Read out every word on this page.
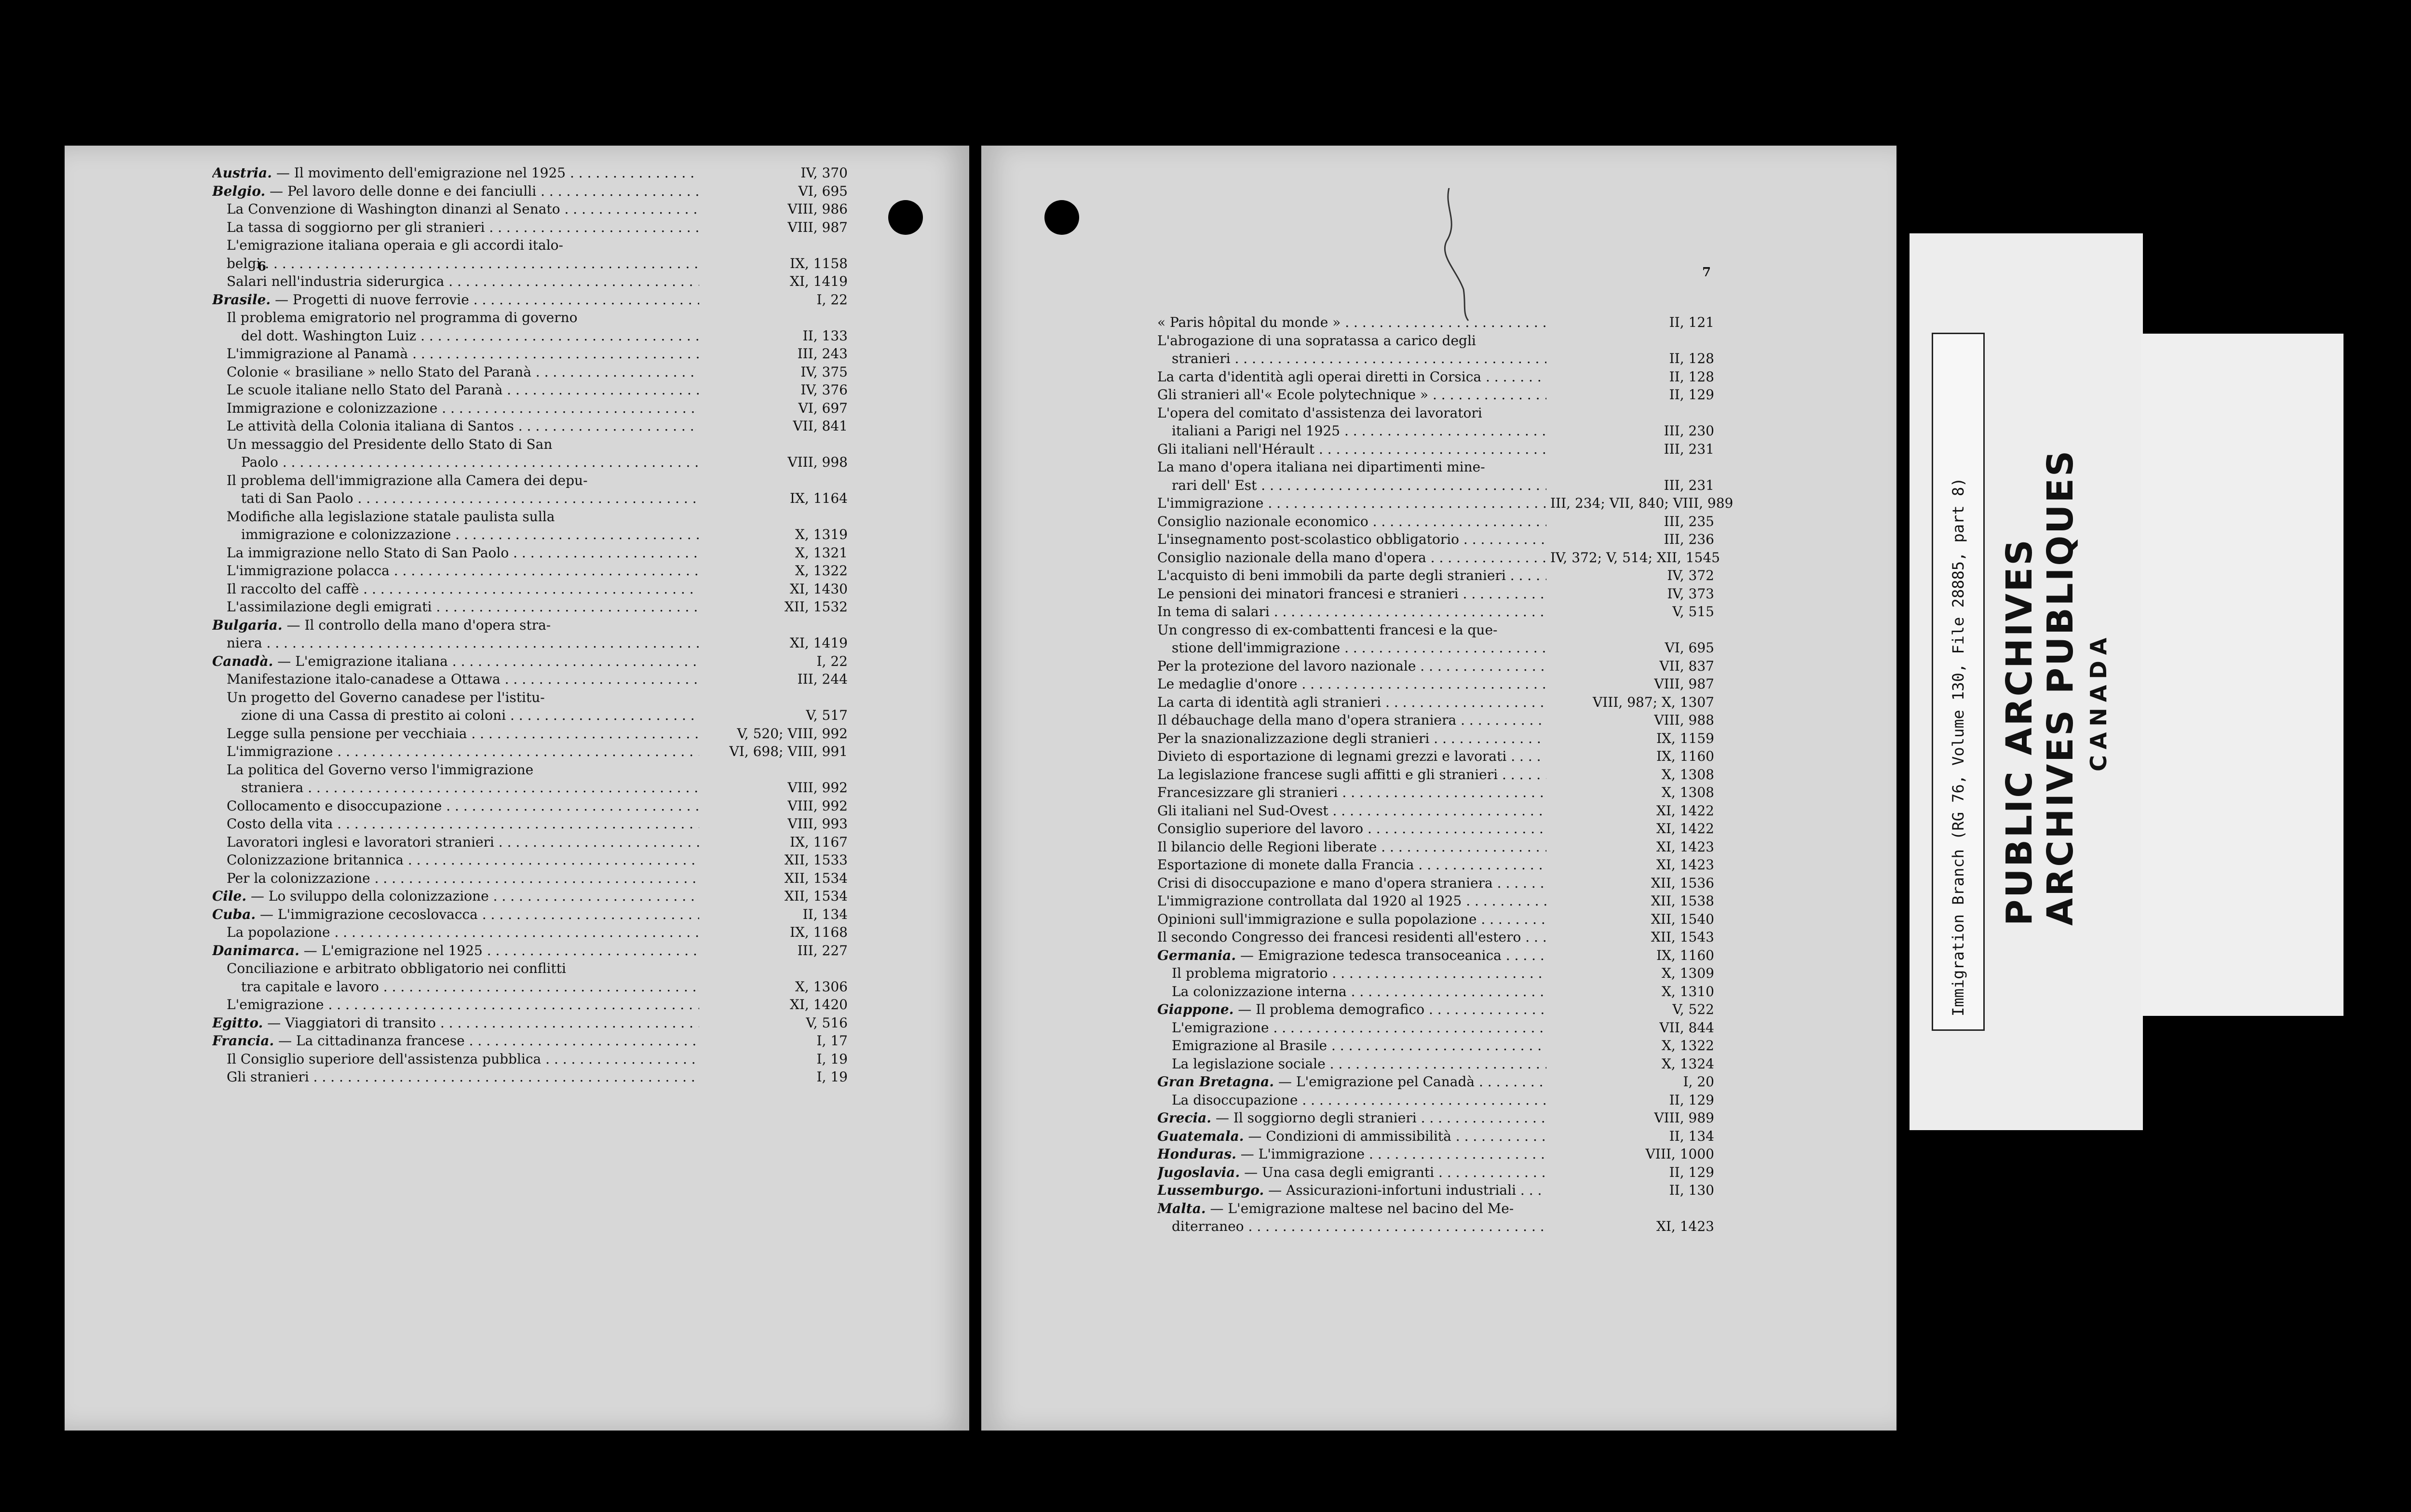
6	7
Austria. — Il movimento dell'emigrazione nel 1925 . . .	IV, 370
Belgio. — Pel lavoro delle donne e dei fanciulli . . .	VI, 695
La Convenzione di Washington dinanzi al Senato . . .	VIII, 986
La tassa di soggiorno per gli stranieri . . .	VIII, 987
L'emigrazione italiana operaia e gli accordi italo-
belgi . . .	IX, 1158
Salari nell'industria siderurgica . . .	XI, 1419
Brasile. — Progetti di nuove ferrovie . . .	I, 22
Il problema emigratorio nel programma di governo
del dott. Washington Luiz . . .	II, 133
L'immigrazione al Panamà . . .	III, 243
Colonie « brasiliane » nello Stato del Paranà . . .	IV, 375
Le scuole italiane nello Stato del Paranà . . .	IV, 376
Immigrazione e colonizzazione . . .	VI, 697
Le attività della Colonia italiana di Santos . . .	VII, 841
Un messaggio del Presidente dello Stato di San
Paolo . . .	VIII, 998
Il problema dell'immigrazione alla Camera dei depu-
tati di San Paolo . . .	IX, 1164
Modifiche alla legislazione statale paulista sulla
immigrazione e colonizzazione . . .	X, 1319
La immigrazione nello Stato di San Paolo . . .	X, 1321
L'immigrazione polacca . . .	X, 1322
Il raccolto del caffè . . .	XI, 1430
L'assimilazione degli emigrati . . .	XII, 1532
Bulgaria. — Il controllo della mano d'opera stra-
niera . . .	XI, 1419
Canadà. — L'emigrazione italiana . . .	I, 22
Manifestazione italo-canadese a Ottawa . . .	III, 244
Un progetto del Governo canadese per l'istitu-
zione di una Cassa di prestito ai coloni . . .	V, 517
Legge sulla pensione per vecchiaia . . .	V, 520; VIII, 992
L'immigrazione . . .	VI, 698; VIII, 991
La politica del Governo verso l'immigrazione
straniera . . .	VIII, 992
Collocamento e disoccupazione . . .	VIII, 992
Costo della vita . . .	VIII, 993
Lavoratori inglesi e lavoratori stranieri . . .	IX, 1167
Colonizzazione britannica . . .	XII, 1533
Per la colonizzazione . . .	XII, 1534
Cile. — Lo sviluppo della colonizzazione . . .	XII, 1534
Cuba. — L'immigrazione cecoslovacca . . .	II, 134
La popolazione . . .	IX, 1168
Danimarca. — L'emigrazione nel 1925 . . .	III, 227
Conciliazione e arbitrato obbligatorio nei conflitti
tra capitale e lavoro . . .	X, 1306
L'emigrazione . . .	XI, 1420
Egitto. — Viaggiatori di transito . . .	V, 516
Francia. — La cittadinanza francese . . .	I, 17
Il Consiglio superiore dell'assistenza pubblica . . .	I, 19
Gli stranieri . . .	I, 19
« Paris hôpital du monde » . . .	II, 121
L'abrogazione di una sopratassa a carico degli
stranieri . . .	II, 128
La carta d'identità agli operai diretti in Corsica . . .	II, 128
Gli stranieri all'« Ecole polytechnique » . . .	II, 129
L'opera del comitato d'assistenza dei lavoratori
italiani a Parigi nel 1925 . . .	III, 230
Gli italiani nell'Hérault . . .	III, 231
La mano d'opera italiana nei dipartimenti mine-
rari dell' Est . . .	III, 231
L'immigrazione . . .	III, 234; VII, 840; VIII, 989
Consiglio nazionale economico . . .	III, 235
L'insegnamento post-scolastico obbligatorio . . .	III, 236
Consiglio nazionale della mano d'opera . . .	IV, 372; V, 514; XII, 1545
L'acquisto di beni immobili da parte degli stranieri . . .	IV, 372
Le pensioni dei minatori francesi e stranieri . . .	IV, 373
In tema di salari . . .	V, 515
Un congresso di ex-combattenti francesi e la que-
stione dell'immigrazione . . .	VI, 695
Per la protezione del lavoro nazionale . . .	VII, 837
Le medaglie d'onore . . .	VIII, 987
La carta di identità agli stranieri . . .	VIII, 987; X, 1307
Il débauchage della mano d'opera straniera . . .	VIII, 988
Per la snazionalizzazione degli stranieri . . .	IX, 1159
Divieto di esportazione di legnami grezzi e lavorati . . .	IX, 1160
La legislazione francese sugli affitti e gli stranieri . . .	X, 1308
Francesizzare gli stranieri . . .	X, 1308
Gli italiani nel Sud-Ovest . . .	XI, 1422
Consiglio superiore del lavoro . . .	XI, 1422
Il bilancio delle Regioni liberate . . .	XI, 1423
Esportazione di monete dalla Francia . . .	XI, 1423
Crisi di disoccupazione e mano d'opera straniera . . .	XII, 1536
L'immigrazione controllata dal 1920 al 1925 . . .	XII, 1538
Opinioni sull'immigrazione e sulla popolazione . . .	XII, 1540
Il secondo Congresso dei francesi residenti all'estero . . .	XII, 1543
Germania. — Emigrazione tedesca transoceanica . . .	IX, 1160
Il problema migratorio . . .	X, 1309
La colonizzazione interna . . .	X, 1310
Giappone. — Il problema demografico . . .	V, 522
L'emigrazione . . .	VII, 844
Emigrazione al Brasile . . .	X, 1322
La legislazione sociale . . .	X, 1324
Gran Bretagna. — L'emigrazione pel Canadà . . .	I, 20
La disoccupazione . . .	II, 129
Grecia. — Il soggiorno degli stranieri . . .	VIII, 989
Guatemala. — Condizioni di ammissibilità . . .	II, 134
Honduras. — L'immigrazione . . .	VIII, 1000
Jugoslavia. — Una casa degli emigranti . . .	II, 129
Lussemburgo. — Assicurazioni-infortuni industriali . . .	II, 130
Malta. — L'emigrazione maltese nel bacino del Me-
diterraneo . . .	XI, 1423
Immigration Branch (RG 76, Volume 130, File 28885, part 8) PUBLIC ARCHIVES ARCHIVES PUBLIQUES CANADA
